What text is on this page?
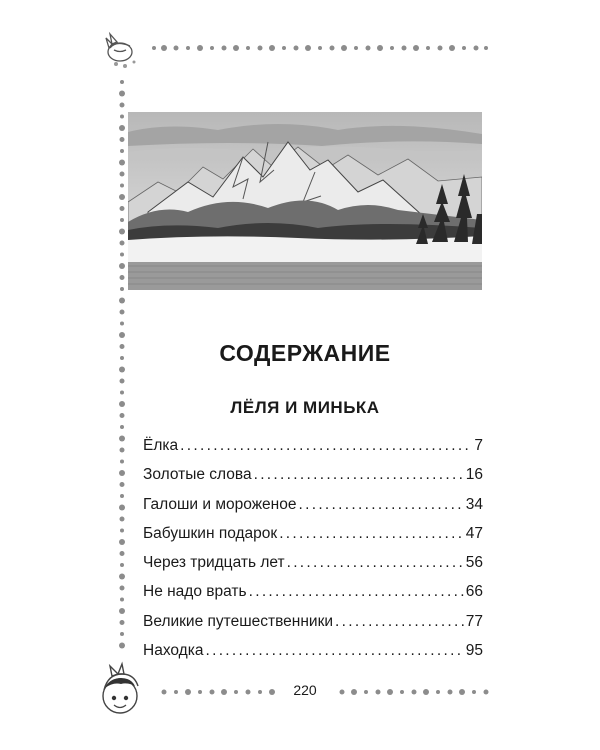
СОДЕРЖАНИЕ
ЛЁЛЯ И МИНЬКА
Ёлка . . .	7
Золотые слова . . .	16
Галоши и мороженое . . .	34
Бабушкин подарок . . .	47
Через тридцать лет . . .	56
Не надо врать . . .	66
Великие путешественники . . .	77
Находка . . .	95
220
